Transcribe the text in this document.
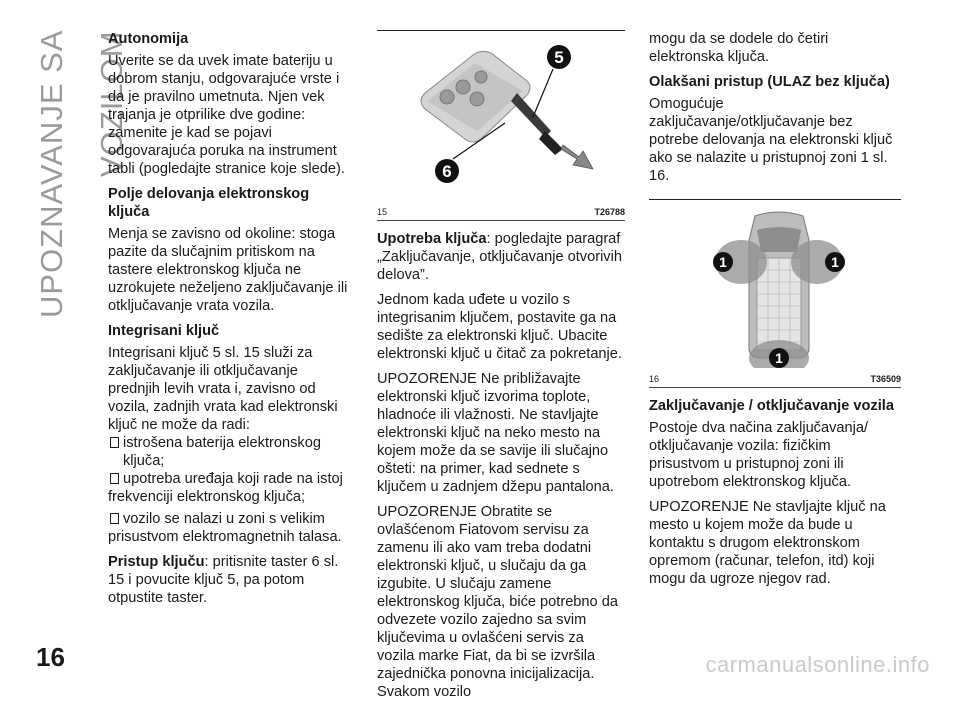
UPOZNAVANJE SA VOZILOM
Autonomija

Uverite se da uvek imate bateriju u dobrom stanju, odgovarajuće vrste i da je pravilno umetnuta. Njen vek trajanja je otprilike dve godine: zamenite je kad se pojavi odgovarajuća poruka na instrument tabli (pogledajte stranice koje slede).

Polje delovanja elektronskog ključa

Menja se zavisno od okoline: stoga pazite da slučajnim pritiskom na tastere elektronskog ključa ne uzrokujete neželjeno zaključavanje ili otključavanje vrata vozila.

Integrisani ključ

Integrisani ključ 5 sl. 15 služi za zaključavanje ili otključavanje prednjih levih vrata i, zavisno od vozila, zadnjih vrata kad elektronski ključ ne može da radi:

istrošena baterija elektronskog ključa;
upotreba uređaja koji rade na istoj
frekvenciji elektronskog ključa;
vozilo se nalazi u zoni s velikim
prisustvom elektromagnetnih talasa.

Pristup ključu: pritisnite taster 6 sl. 15 i povucite ključ 5, pa potom otpustite taster.

5
6
15	T26788

Upotreba ključa: pogledajte paragraf „Zaključavanje, otključavanje otvorivih delova”.

Jednom kada uđete u vozilo s integrisanim ključem, postavite ga na sedište za elektronski ključ. Ubacite elektronski ključ u čitač za pokretanje.

UPOZORENJE Ne približavajte elektronski ključ izvorima toplote, hladnoće ili vlažnosti. Ne stavljajte elektronski ključ na neko mesto na kojem može da se savije ili slučajno ošteti: na primer, kad sednete s ključem u zadnjem džepu pantalona.

UPOZORENJE Obratite se ovlašćenom Fiatovom servisu za zamenu ili ako vam treba dodatni elektronski ključ, u slučaju da ga izgubite. U slučaju zamene elektronskog ključa, biće potrebno da odvezete vozilo zajedno sa svim ključevima u ovlašćeni servis za vozila marke Fiat, da bi se izvršila zajednička ponovna inicijalizacija. Svakom vozilo

mogu da se dodele do četiri elektronska ključa.

Olakšani pristup (ULAZ bez ključa)

Omogućuje zaključavanje/otključavanje bez potrebe delovanja na elektronski ključ ako se nalazite u pristupnoj zoni 1 sl. 16.

1	1
1
16	T36509
Zaključavanje / otključavanje vozila

Postoje dva načina zaključavanja/ otključavanje vozila: fizičkim prisustvom u pristupnoj zoni ili upotrebom elektronskog ključa.

UPOZORENJE Ne stavljajte ključ na mesto u kojem može da bude u kontaktu s drugom elektronskom opremom (računar, telefon, itd) koji mogu da ugroze njegov rad.

16	carmanualsonline.info
